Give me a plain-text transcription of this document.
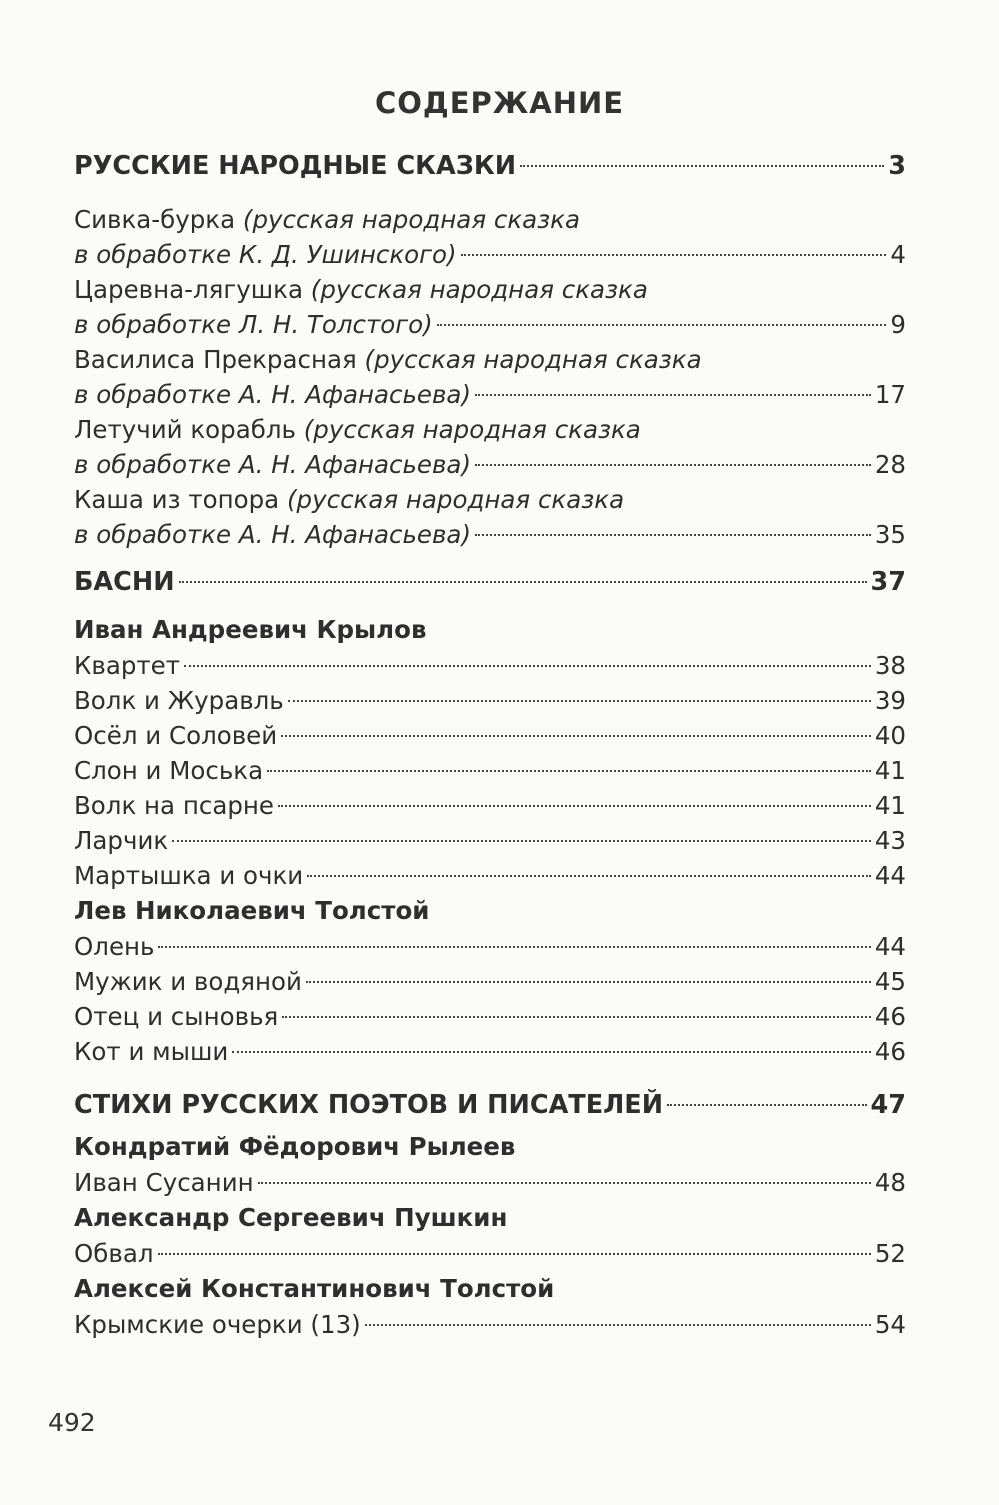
СОДЕРЖАНИЕ
РУССКИЕ НАРОДНЫЕ СКАЗКИ	3
Сивка-бурка (русская народная сказка
в обработке К. Д. Ушинского)	4
Царевна-лягушка (русская народная сказка
в обработке Л. Н. Толстого)	9
Василиса Прекрасная (русская народная сказка
в обработке А. Н. Афанасьева)	17
Летучий корабль (русская народная сказка
в обработке А. Н. Афанасьева)	28
Каша из топора (русская народная сказка
в обработке А. Н. Афанасьева)	35
БАСНИ	37
Иван Андреевич Крылов
Квартет	38
Волк и Журавль	39
Осёл и Соловей	40
Слон и Моська	41
Волк на псарне	41
Ларчик	43
Мартышка и очки	44
Лев Николаевич Толстой
Олень	44
Мужик и водяной	45
Отец и сыновья	46
Кот и мыши	46
СТИХИ РУССКИХ ПОЭТОВ И ПИСАТЕЛЕЙ	47
Кондратий Фёдорович Рылеев
Иван Сусанин	48
Александр Сергеевич Пушкин
Обвал	52
Алексей Константинович Толстой
Крымские очерки (13)	54
492
